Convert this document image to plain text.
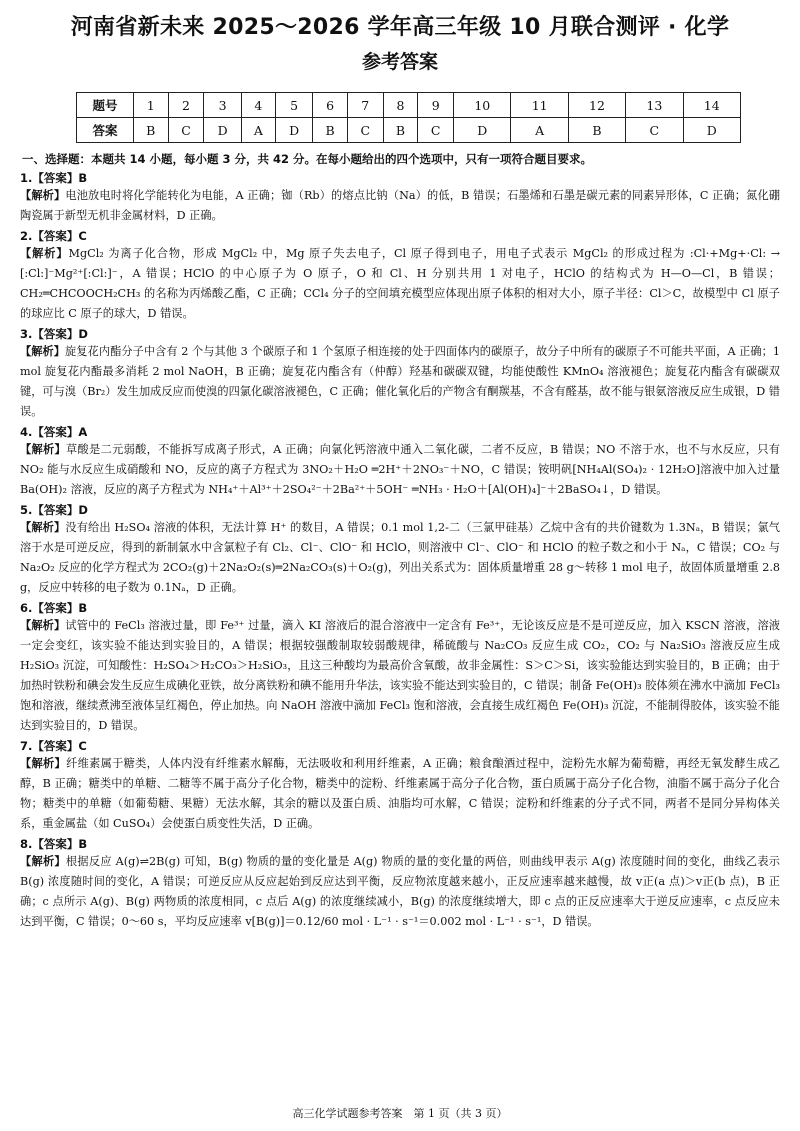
河南省新未来 2025～2026 学年高三年级 10 月联合测评 · 化学
参考答案
题号	1	2	3	4	5	6	7	8	9	10	11	12	13	14
答案	B	C	D	A	D	B	C	B	C	D	A	B	C	D
一、选择题：本题共 14 小题，每小题 3 分，共 42 分。在每小题给出的四个选项中，只有一项符合题目要求。
1.【答案】B
【解析】电池放电时将化学能转化为电能，A 正确；铷（Rb）的熔点比钠（Na）的低，B 错误；石墨烯和石墨是碳元素的同素异形体，C 正确；氮化硼陶瓷属于新型无机非金属材料，D 正确。
2.【答案】C
【解析】MgCl₂ 为离子化合物，形成 MgCl₂ 中，Mg 原子失去电子，Cl 原子得到电子，用电子式表示 MgCl₂ 的形成过程为 :Cl·+Mg+·Cl: → [:Cl:]⁻Mg²⁺[:Cl:]⁻，A 错误；HClO 的中心原子为 O 原子，O 和 Cl、H 分别共用 1 对电子，HClO 的结构式为 H—O—Cl，B 错误；CH₂═CHCOOCH₂CH₃ 的名称为丙烯酸乙酯，C 正确；CCl₄ 分子的空间填充模型应体现出原子体积的相对大小，原子半径：Cl＞C，故模型中 Cl 原子的球应比 C 原子的球大，D 错误。
3.【答案】D
【解析】旋复花内酯分子中含有 2 个与其他 3 个碳原子和 1 个氢原子相连接的处于四面体内的碳原子，故分子中所有的碳原子不可能共平面，A 正确；1 mol 旋复花内酯最多消耗 2 mol NaOH，B 正确；旋复花内酯含有（仲醇）羟基和碳碳双键，均能使酸性 KMnO₄ 溶液褪色；旋复花内酯含有碳碳双键，可与溴（Br₂）发生加成反应而使溴的四氯化碳溶液褪色，C 正确；催化氧化后的产物含有酮羰基，不含有醛基，故不能与银氨溶液反应生成银，D 错误。
4.【答案】A
【解析】草酸是二元弱酸，不能拆写成离子形式，A 正确；向氯化钙溶液中通入二氧化碳，二者不反应，B 错误；NO 不溶于水，也不与水反应，只有 NO₂ 能与水反应生成硝酸和 NO，反应的离子方程式为 3NO₂＋H₂O ═2H⁺＋2NO₃⁻＋NO，C 错误；铵明矾[NH₄Al(SO₄)₂ · 12H₂O]溶液中加入过量 Ba(OH)₂ 溶液，反应的离子方程式为 NH₄⁺＋Al³⁺＋2SO₄²⁻＋2Ba²⁺＋5OH⁻ ═NH₃ · H₂O＋[Al(OH)₄]⁻＋2BaSO₄↓，D 错误。
5.【答案】D
【解析】没有给出 H₂SO₄ 溶液的体积，无法计算 H⁺ 的数目，A 错误；0.1 mol 1,2-二（三氯甲硅基）乙烷中含有的共价键数为 1.3Nₐ，B 错误；氯气溶于水是可逆反应，得到的新制氯水中含氯粒子有 Cl₂、Cl⁻、ClO⁻ 和 HClO，则溶液中 Cl⁻、ClO⁻ 和 HClO 的粒子数之和小于 Nₐ，C 错误；CO₂ 与 Na₂O₂ 反应的化学方程式为 2CO₂(g)＋2Na₂O₂(s)═2Na₂CO₃(s)＋O₂(g)，列出关系式为：固体质量增重 28 g～转移 1 mol 电子，故固体质量增重 2.8 g，反应中转移的电子数为 0.1Nₐ，D 正确。
6.【答案】B
【解析】试管中的 FeCl₃ 溶液过量，即 Fe³⁺ 过量，滴入 KI 溶液后的混合溶液中一定含有 Fe³⁺，无论该反应是不是可逆反应，加入 KSCN 溶液，溶液一定会变红，该实验不能达到实验目的，A 错误；根据较强酸制取较弱酸规律，稀硫酸与 Na₂CO₃ 反应生成 CO₂，CO₂ 与 Na₂SiO₃ 溶液反应生成 H₂SiO₃ 沉淀，可知酸性：H₂SO₄＞H₂CO₃＞H₂SiO₃，且这三种酸均为最高价含氧酸，故非金属性：S＞C＞Si，该实验能达到实验目的，B 正确；由于加热时铁粉和碘会发生反应生成碘化亚铁，故分离铁粉和碘不能用升华法，该实验不能达到实验目的，C 错误；制备 Fe(OH)₃ 胶体须在沸水中滴加 FeCl₃ 饱和溶液，继续煮沸至液体呈红褐色，停止加热。向 NaOH 溶液中滴加 FeCl₃ 饱和溶液，会直接生成红褐色 Fe(OH)₃ 沉淀，不能制得胶体，该实验不能达到实验目的，D 错误。
7.【答案】C
【解析】纤维素属于糖类，人体内没有纤维素水解酶，无法吸收和利用纤维素，A 正确；粮食酿酒过程中，淀粉先水解为葡萄糖，再经无氧发酵生成乙醇，B 正确；糖类中的单糖、二糖等不属于高分子化合物，糖类中的淀粉、纤维素属于高分子化合物，蛋白质属于高分子化合物，油脂不属于高分子化合物；糖类中的单糖（如葡萄糖、果糖）无法水解，其余的糖以及蛋白质、油脂均可水解，C 错误；淀粉和纤维素的分子式不同，两者不是同分异构体关系，重金属盐（如 CuSO₄）会使蛋白质变性失活，D 正确。
8.【答案】B
【解析】根据反应 A(g)⇌2B(g) 可知，B(g) 物质的量的变化量是 A(g) 物质的量的变化量的两倍，则曲线甲表示 A(g) 浓度随时间的变化，曲线乙表示 B(g) 浓度随时间的变化，A 错误；可逆反应从反应起始到反应达到平衡，反应物浓度越来越小，正反应速率越来越慢，故 v正(a 点)＞v正(b 点)，B 正确；c 点所示 A(g)、B(g) 两物质的浓度相同，c 点后 A(g) 的浓度继续减小，B(g) 的浓度继续增大，即 c 点的正反应速率大于逆反应速率，c 点反应未达到平衡，C 错误；0～60 s，平均反应速率 v[B(g)]＝0.12/60 mol · L⁻¹ · s⁻¹＝0.002 mol · L⁻¹ · s⁻¹，D 错误。
高三化学试题参考答案　第 1 页（共 3 页）
